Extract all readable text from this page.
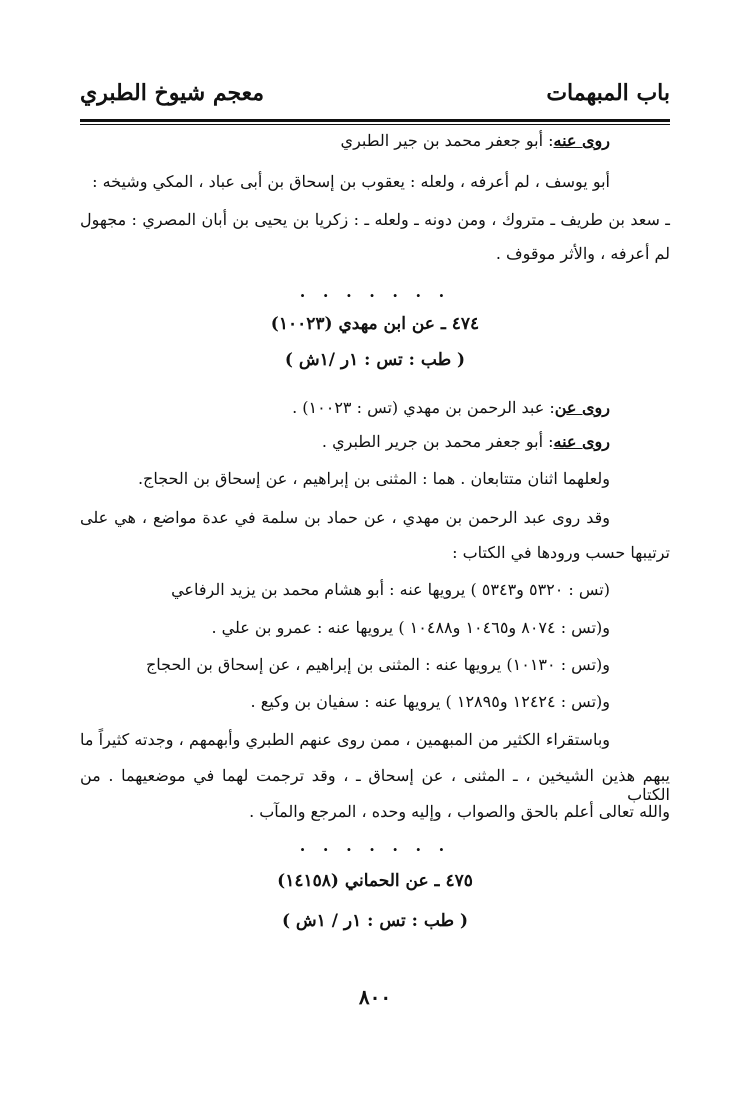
باب المبهمات
معجم شيوخ الطبري
روى عنه: أبو جعفر محمد بن جير الطبري
أبو يوسف ، لم أعرفه ، ولعله : يعقوب بن إسحاق بن أبى عباد ، المكي وشيخه :
ـ سعد بن طريف ـ متروك ، ومن دونه ـ ولعله ـ : زكريا بن يحيى بن أبان المصري : مجهول
لم أعرفه ، والأثر موقوف .
. . . . . . .
٤٧٤ ـ عن ابن مهدي (١٠٠٢٣)
( طب : تس : ١ر /١ش )
روى عن: عبد الرحمن بن مهدي (تس : ١٠٠٢٣) .
روى عنه: أبو جعفر محمد بن جرير الطبري .
ولعلهما اثنان متتابعان . هما : المثنى بن إبراهيم ، عن إسحاق بن الحجاج.
وقد روى عبد الرحمن بن مهدي ، عن حماد بن سلمة في عدة مواضع ، هي على
ترتيبها حسب ورودها في الكتاب :
(تس : ٥٣٢٠ و٥٣٤٣ ) يرويها عنه : أبو هشام محمد بن يزيد الرفاعي
و(تس : ٨٠٧٤ و١٠٤٦٥ و١٠٤٨٨ ) يرويها عنه : عمرو بن علي .
و(تس : ١٠١٣٠) يرويها عنه : المثنى بن إبراهيم ، عن إسحاق بن الحجاج
و(تس : ١٢٤٢٤ و١٢٨٩٥ ) يرويها عنه : سفيان بن وكيع .
وباستقراء الكثير من المبهمين ، ممن روى عنهم الطبري وأبهمهم ، وجدته كثيراً ما
يبهم هذين الشيخين ، ـ المثنى ، عن إسحاق ـ ، وقد ترجمت لهما في موضعيهما . من الكتاب
والله تعالى أعلم بالحق والصواب ، وإليه وحده ، المرجع والمآب .
. . . . . . .
٤٧٥ ـ عن الحماني (١٤١٥٨)
( طب : تس : ١ر / ١ش )
٨٠٠
